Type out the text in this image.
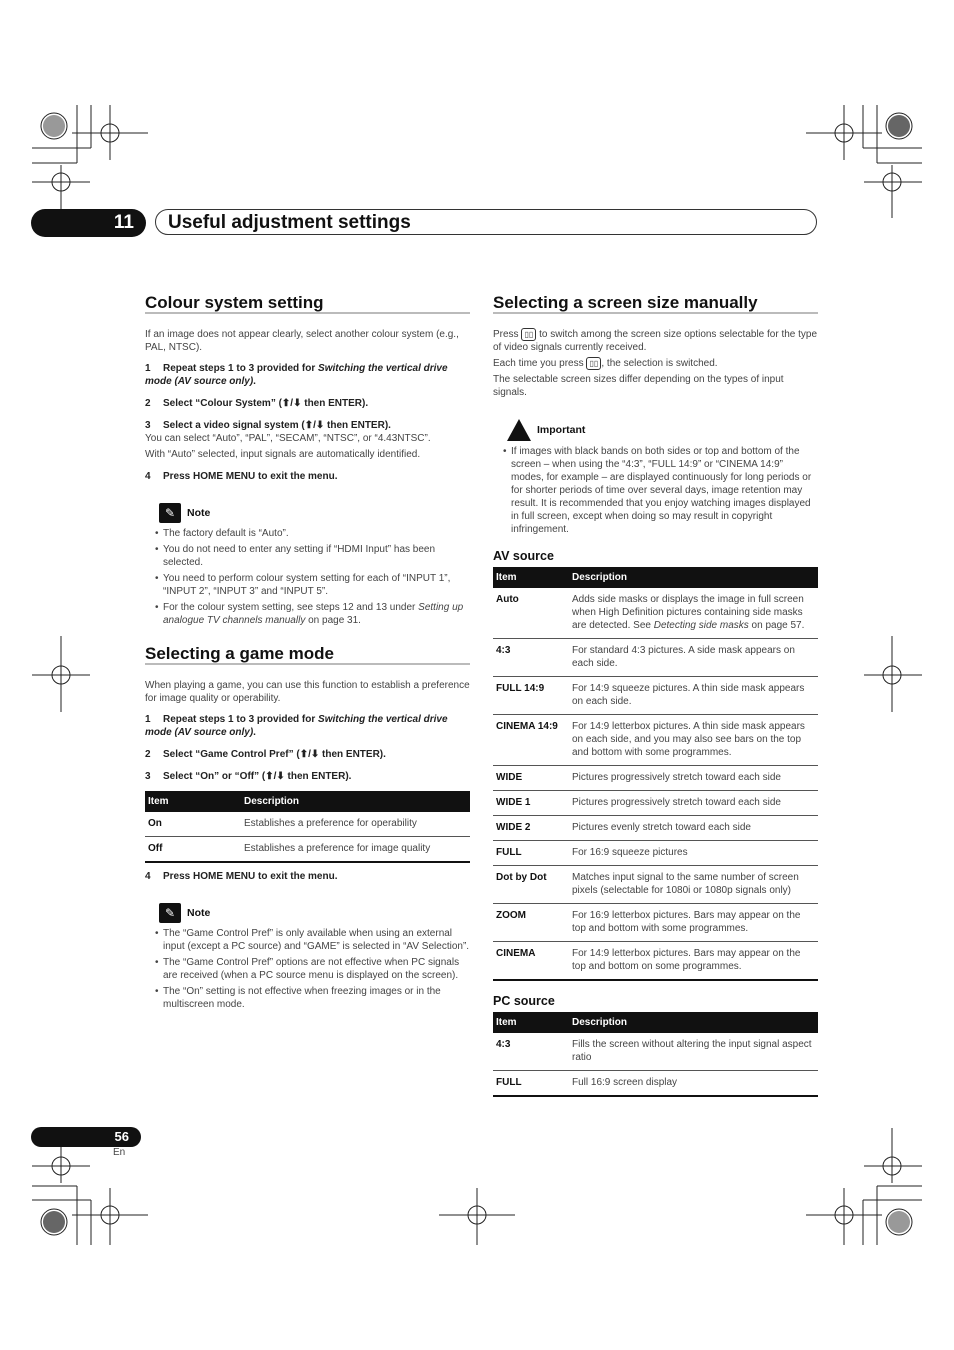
11	Useful adjustment settings
Colour system setting

If an image does not appear clearly, select another colour system (e.g., PAL, NTSC).

1 Repeat steps 1 to 3 provided for Switching the vertical drive mode (AV source only).
2 Select “Colour System” (⬆/⬇ then ENTER).
3 Select a video signal system (⬆/⬇ then ENTER).

You can select “Auto”, “PAL”, “SECAM”, “NTSC”, or “4.43NTSC”.

With “Auto” selected, input signals are automatically identified.

4 Press HOME MENU to exit the menu.
✎	Note
• The factory default is “Auto”.
• You do not need to enter any setting if “HDMI Input” has been selected.
• You need to perform colour system setting for each of “INPUT 1”, “INPUT 2”, “INPUT 3” and “INPUT 5”.
• For the colour system setting, see steps 12 and 13 under Setting up analogue TV channels manually on page 31.
Selecting a game mode

When playing a game, you can use this function to establish a preference for image quality or operability.

1 Repeat steps 1 to 3 provided for Switching the vertical drive mode (AV source only).
2 Select “Game Control Pref” (⬆/⬇ then ENTER).
3 Select “On” or “Off” (⬆/⬇ then ENTER).
Item	Description
On	Establishes a preference for operability
Off	Establishes a preference for image quality
4 Press HOME MENU to exit the menu.
✎	Note
• The “Game Control Pref” is only available when using an external input (except a PC source) and “GAME” is selected in “AV Selection”.
• The “Game Control Pref” options are not effective when PC signals are received (when a PC source menu is displayed on the screen).
• The “On” setting is not effective when freezing images or in the multiscreen mode.
Selecting a screen size manually

Press ▯▯ to switch among the screen size options selectable for the type of video signals currently received.

Each time you press ▯▯ , the selection is switched.

The selectable screen sizes differ depending on the types of input signals.

Important
• If images with black bands on both sides or top and bottom of the screen – when using the “4:3”, “FULL 14:9” or “CINEMA 14:9” modes, for example – are displayed continuously for long periods or for shorter periods of time over several days, image retention may result. It is recommended that you enjoy watching images displayed in full screen, except when doing so may result in copyright infringement.
AV source
Item	Description
Auto	Adds side masks or displays the image in full screen when High Definition pictures containing side masks are detected. See Detecting side masks on page 57.
4:3	For standard 4:3 pictures. A side mask appears on each side.
FULL 14:9	For 14:9 squeeze pictures. A thin side mask appears on each side.
CINEMA 14:9	For 14:9 letterbox pictures. A thin side mask appears on each side, and you may also see bars on the top and bottom with some programmes.
WIDE	Pictures progressively stretch toward each side
WIDE 1	Pictures progressively stretch toward each side
WIDE 2	Pictures evenly stretch toward each side
FULL	For 16:9 squeeze pictures
Dot by Dot	Matches input signal to the same number of screen pixels (selectable for 1080i or 1080p signals only)
ZOOM	For 16:9 letterbox pictures. Bars may appear on the top and bottom with some programmes.
CINEMA	For 14:9 letterbox pictures. Bars may appear on the top and bottom on some programmes.
PC source
Item	Description
4:3	Fills the screen without altering the input signal aspect ratio
FULL	Full 16:9 screen display
56
En
